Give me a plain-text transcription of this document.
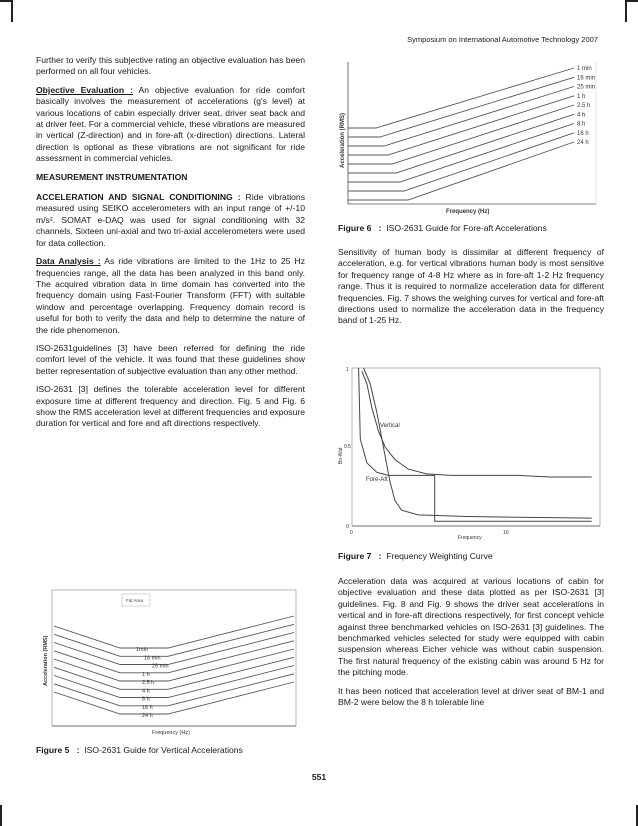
Symposium on International Automotive Technology 2007

Further to verify this subjective rating an objective evaluation has been performed on all four vehicles.

Objective Evaluation : An objective evaluation for ride comfort basically involves the measurement of accelerations (g's level) at various locations of cabin especially driver seat, driver seat back and at driver feet. For a commercial vehicle, these vibrations are measured in vertical (Z-direction) and in fore-aft (x-direction) directions. Lateral direction is optional as these vibrations are not significant for ride assessment in commercial vehicles.

MEASUREMENT INSTRUMENTATION

ACCELERATION AND SIGNAL CONDITIONING : Ride vibrations measured using SEIKO accelerometers with an input range of +/-10 m/s². SOMAT e-DAQ was used for signal conditioning with 32 channels. Sixteen uni-axial and two tri-axial accelerometers were used for data collection.

Data Analysis : As ride vibrations are limited to the 1Hz to 25 Hz frequencies range, all the data has been analyzed in this band only. The acquired vibration data in time domain has converted into the frequency domain using Fast-Fourier Transform (FFT) with suitable window and percentage overlapping. Frequency domain record is useful for both to verify the data and help to determine the nature of the ride phenomenon.

ISO-2631guidelines [3] have been referred for defining the ride comfort level of the vehicle. It was found that these guidelines show better representation of subjective evaluation than any other method.

ISO-2631 [3] defines the tolerable acceleration level for different exposure time at different frequency and direction. Fig. 5 and Fig. 6 show the RMS acceleration level at different frequencies and exposure duration for vertical and fore and aft directions respectively.

1 min
16 min
25 min
1 h
2.5 h
4 h
8 h
16 h
24 h
Acceleration (RMS)
Frequency (Hz)
Figure 6 : ISO-2631 Guide for Fore-aft Accelerations

Sensitivity of human body is dissimilar at different frequency of acceleration, e.g. for vertical vibrations human body is most sensitive for frequency range of 4-8 Hz where as in fore-aft 1-2 Hz frequency range. Thus it is required to normalize acceleration data for different frequencies. Fig. 7 shows the weighing curves for vertical and fore-aft directions used to normalize the acceleration data in the frequency band of 1-25 Hz.

1
0.5
0
0	10
Bn-Wat
Frequency
Vertical
Fore-Aft
Figure 7 : Frequency Weighting Curve

Acceleration data was acquired at various locations of cabin for objective evaluation and these data plotted as per ISO-2631 [3] guidelines. Fig. 8 and Fig. 9 shows the driver seat accelerations in vertical and in fore-aft directions respectively, for first concept vehicle against three benchmarked vehicles on ISO-2631 [3] guidelines. The benchmarked vehicles selected for study were equipped with cabin suspension whereas Eicher vehicle was without cabin suspension. The first natural frequency of the existing cabin was around 5 Hz for the pitching mode.

It has been noticed that acceleration level at driver seat of BM-1 and BM-2 were below the 8 h tolerable line

Fat Area
1min
16 min
25 min
1 h
2.5 h
4 h
8 h
16 h
24 h
Acceleration (RMS)
Frequency (Hz)
Figure 5 : ISO-2631 Guide for Vertical Accelerations
551
